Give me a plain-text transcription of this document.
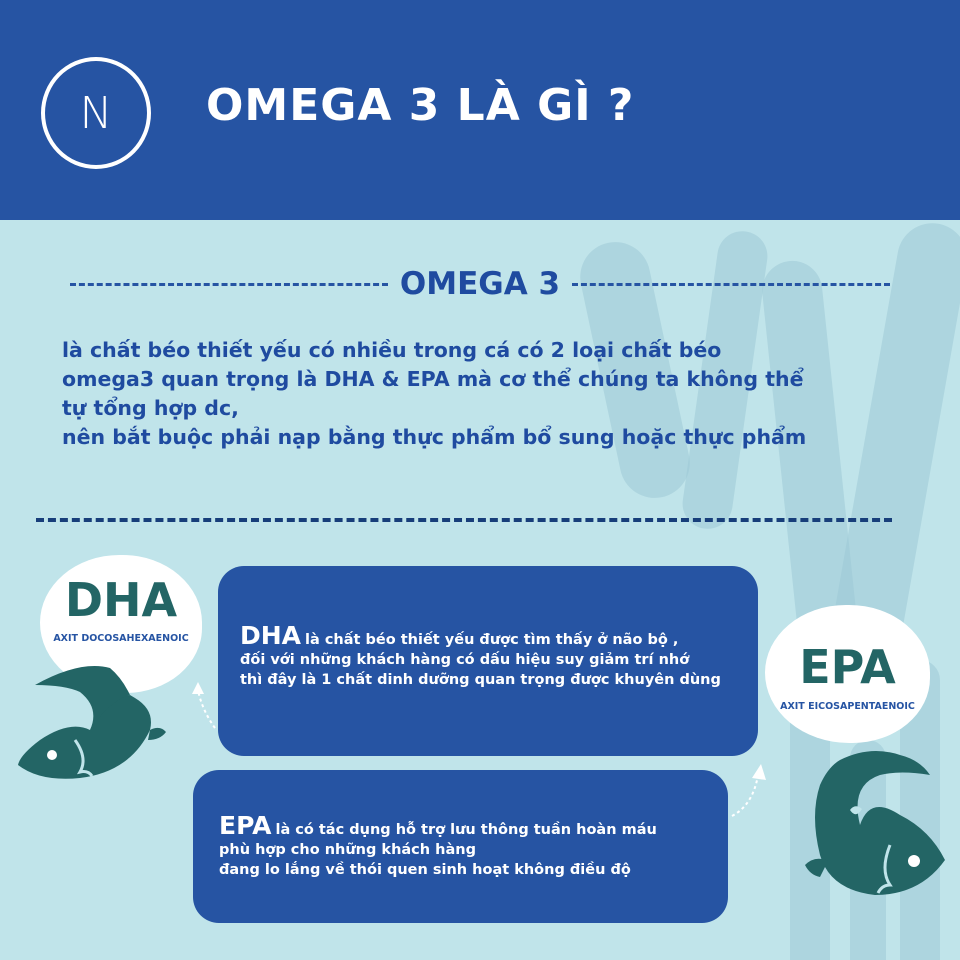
N OMEGA 3 LÀ GÌ ?
OMEGA 3
là chất béo thiết yếu có nhiều trong cá có 2 loại chất béo
omega3 quan trọng là DHA & EPA mà cơ thể chúng ta không thể
tự tổng hợp dc,
nên bắt buộc phải nạp bằng thực phẩm bổ sung hoặc thực phẩm
DHA
AXIT DOCOSAHEXAENOIC	DHA là chất béo thiết yếu được tìm thấy ở não bộ ,
đối với những khách hàng có dấu hiệu suy giảm trí nhớ
thì đây là 1 chất dinh dưỡng quan trọng được khuyên dùng
EPA là có tác dụng hỗ trợ lưu thông tuần hoàn máu
phù hợp cho những khách hàng
đang lo lắng về thói quen sinh hoạt không điều độ
EPA
AXIT EICOSAPENTAENOIC
